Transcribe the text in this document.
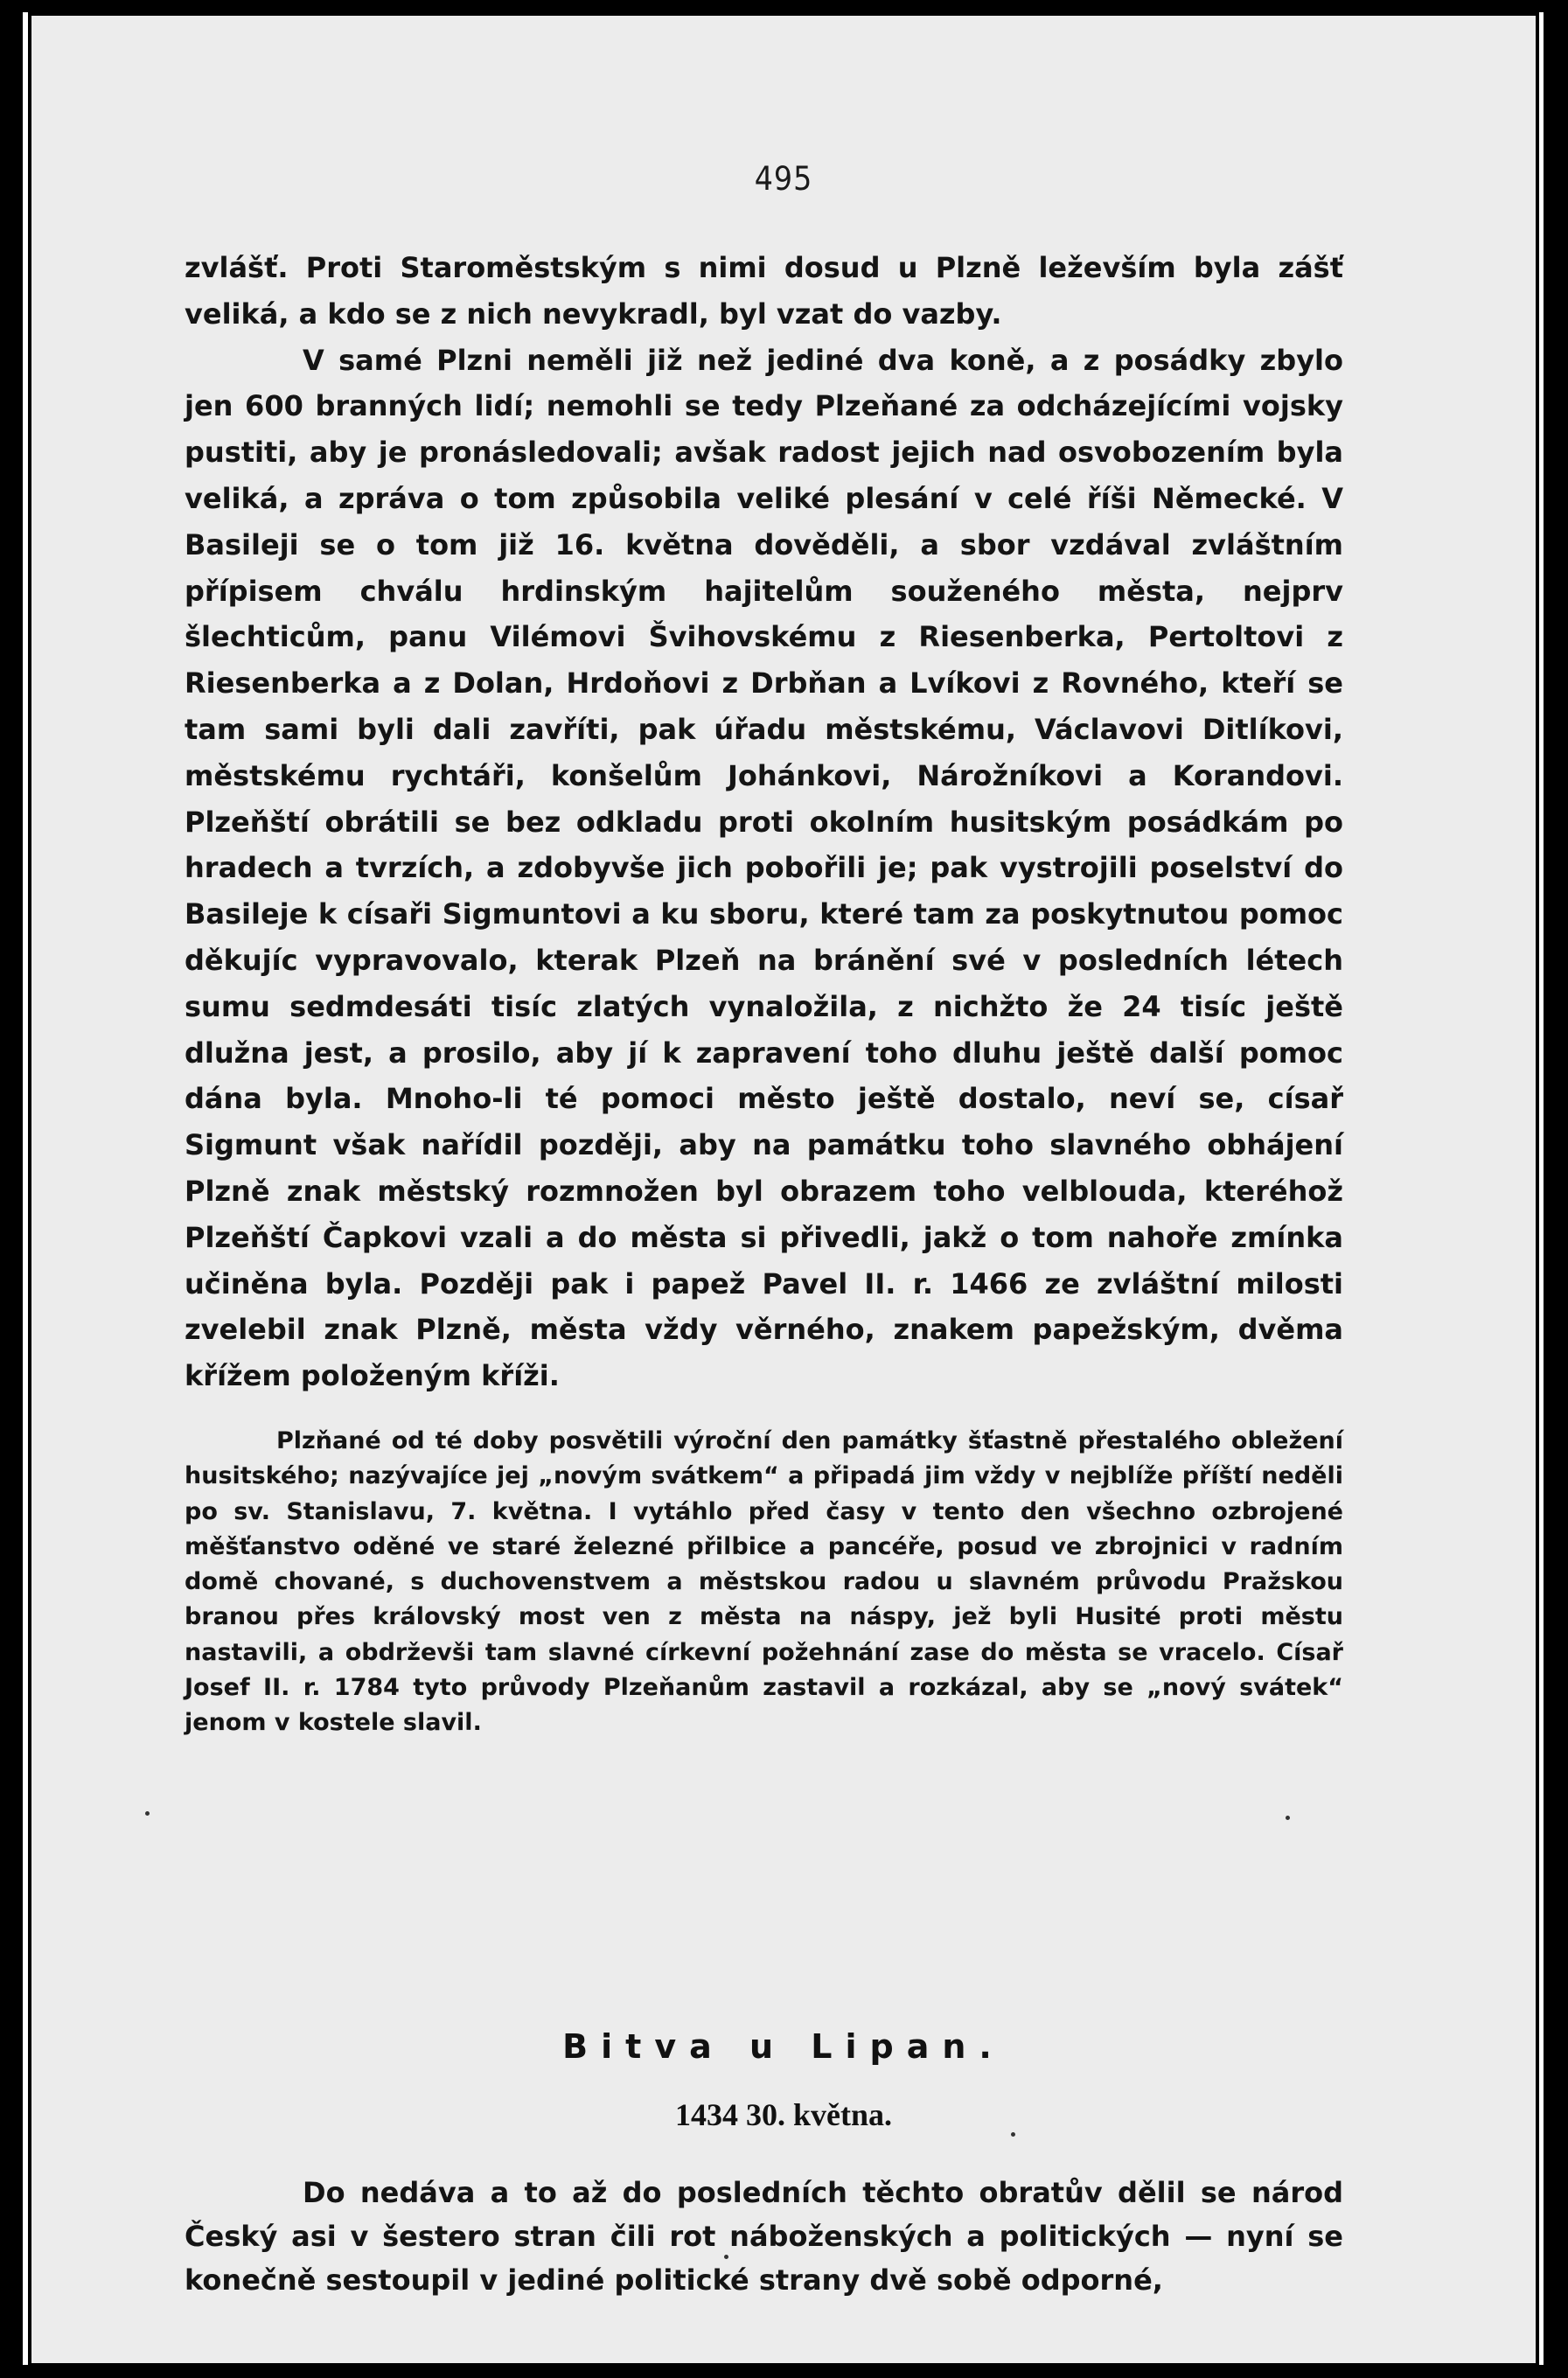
495

zvlášť. Proti Staroměstským s nimi dosud u Plzně leževším byla zášť veliká, a kdo se z nich nevykradl, byl vzat do vazby.

V samé Plzni neměli již než jediné dva koně, a z posádky zbylo jen 600 branných lidí; nemohli se tedy Plzeňané za odcházejícími vojsky pustiti, aby je pronásledovali; avšak radost jejich nad osvobozením byla veliká, a zpráva o tom způsobila veliké plesání v celé říši Německé. V Basileji se o tom již 16. května dověděli, a sbor vzdával zvláštním přípisem chválu hrdinským hajitelům souženého města, nejprv šlechticům, panu Vilémovi Švihovskému z Riesenberka, Pertoltovi z Riesenberka a z Dolan, Hrdoňovi z Drbňan a Lvíkovi z Rovného, kteří se tam sami byli dali zavříti, pak úřadu městskému, Václavovi Ditlíkovi, městskému rychtáři, konšelům Johánkovi, Nárožníkovi a Korandovi. Plzeňští obrátili se bez odkladu proti okolním husitským posádkám po hradech a tvrzích, a zdobyvše jich pobořili je; pak vystrojili poselství do Basileje k císaři Sigmuntovi a ku sboru, které tam za poskytnutou pomoc děkujíc vypravovalo, kterak Plzeň na bránění své v posledních létech sumu sedmdesáti tisíc zlatých vynaložila, z nichžto že 24 tisíc ještě dlužna jest, a prosilo, aby jí k zapravení toho dluhu ještě další pomoc dána byla. Mnoho-li té pomoci město ještě dostalo, neví se, císař Sigmunt však nařídil později, aby na památku toho slavného obhájení Plzně znak městský rozmnožen byl obrazem toho velblouda, kteréhož Plzeňští Čapkovi vzali a do města si přivedli, jakž o tom nahoře zmínka učiněna byla. Později pak i papež Pavel II. r. 1466 ze zvláštní milosti zvelebil znak Plzně, města vždy věrného, znakem papežským, dvěma křížem položeným kříži.

Plzňané od té doby posvětili výroční den památky šťastně přestalého obležení husitského; nazývajíce jej „novým svátkem“ a připadá jim vždy v nejblíže příští neděli po sv. Stanislavu, 7. května. I vytáhlo před časy v tento den všechno ozbrojené měšťanstvo oděné ve staré železné přilbice a pancéře, posud ve zbrojnici v radním domě chované, s duchovenstvem a městskou radou u slavném průvodu Pražskou branou přes královský most ven z města na náspy, jež byli Husité proti městu nastavili, a obdrževši tam slavné církevní požehnání zase do města se vracelo. Císař Josef II. r. 1784 tyto průvody Plzeňanům zastavil a rozkázal, aby se „nový svátek“ jenom v kostele slavil.

Bitva u Lipan.
1434 30. května.

Do nedáva a to až do posledních těchto obratův dělil se národ Český asi v šestero stran čili rot náboženských a politických — nyní se konečně sestoupil v jediné politické strany dvě sobě odporné,
